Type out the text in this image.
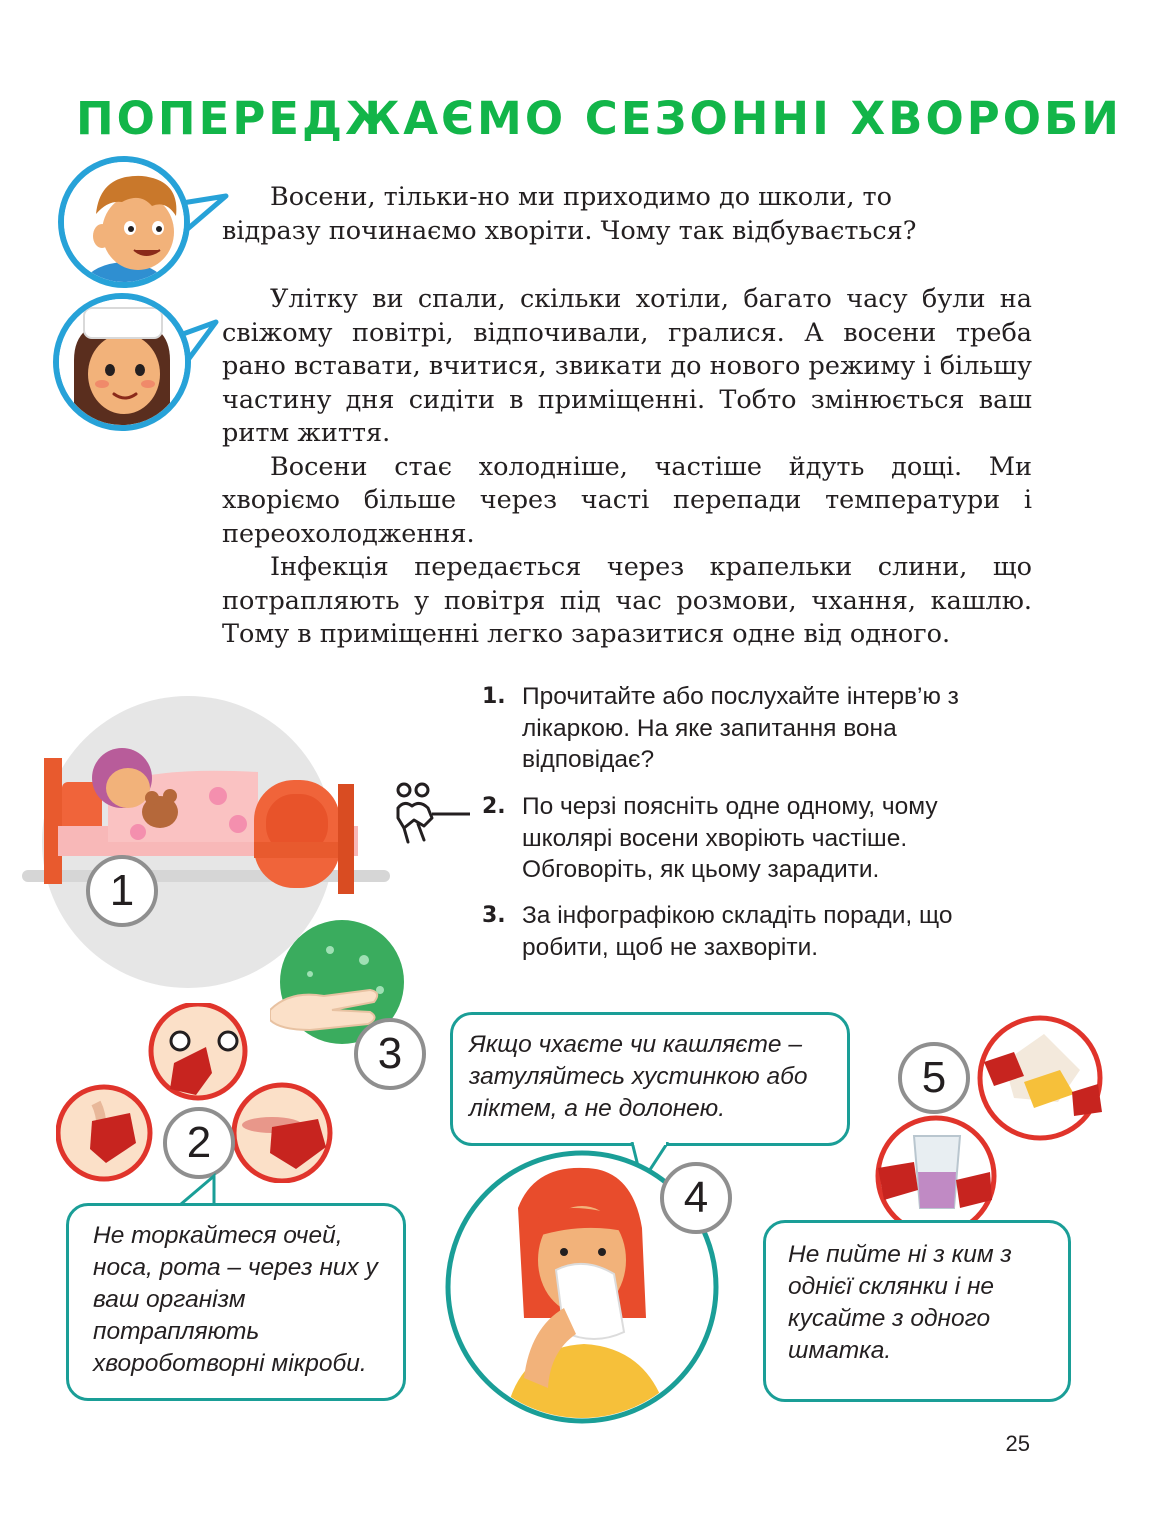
ПОПЕРЕДЖАЄМО СЕЗОННІ ХВОРОБИ
Восени, тільки-но ми приходимо до школи, то
відразу починаємо хворіти. Чому так відбувається?

Улітку ви спали, скільки хотіли, багато часу були на свіжому повітрі, відпочивали, гралися. А восени треба рано вставати, вчитися, звикати до нового режиму і більшу частину дня сидіти в приміщенні. Тобто змінюється ваш ритм життя.

Восени стає холодніше, частіше йдуть дощі. Ми хворіємо більше через часті перепади температури і переохолодження.

Інфекція передається через крапельки слини, що потрапляють у повітря під час розмови, чхання, кашлю. Тому в приміщенні легко заразитися одне від одного.

1
1. Прочитайте або послухайте інтерв’ю з лікаркою. На яке запитання вона відповідає?
2. По черзі поясніть одне одному, чому школярі восени хворіють частіше. Обговоріть, як цьому зарадити.
3. За інфографікою складіть поради, що робити, щоб не захворіти.
3
2
Не торкайтеся очей, носа, рота – через них у ваш організм потрапляють хвороботворні мікроби.
Якщо чхаєте чи кашляєте – затуляйтесь хустинкою або ліктем, а не долонею.
4
5
Не пийте ні з ким з однієї склянки і не кусайте з одного шматка.
25
